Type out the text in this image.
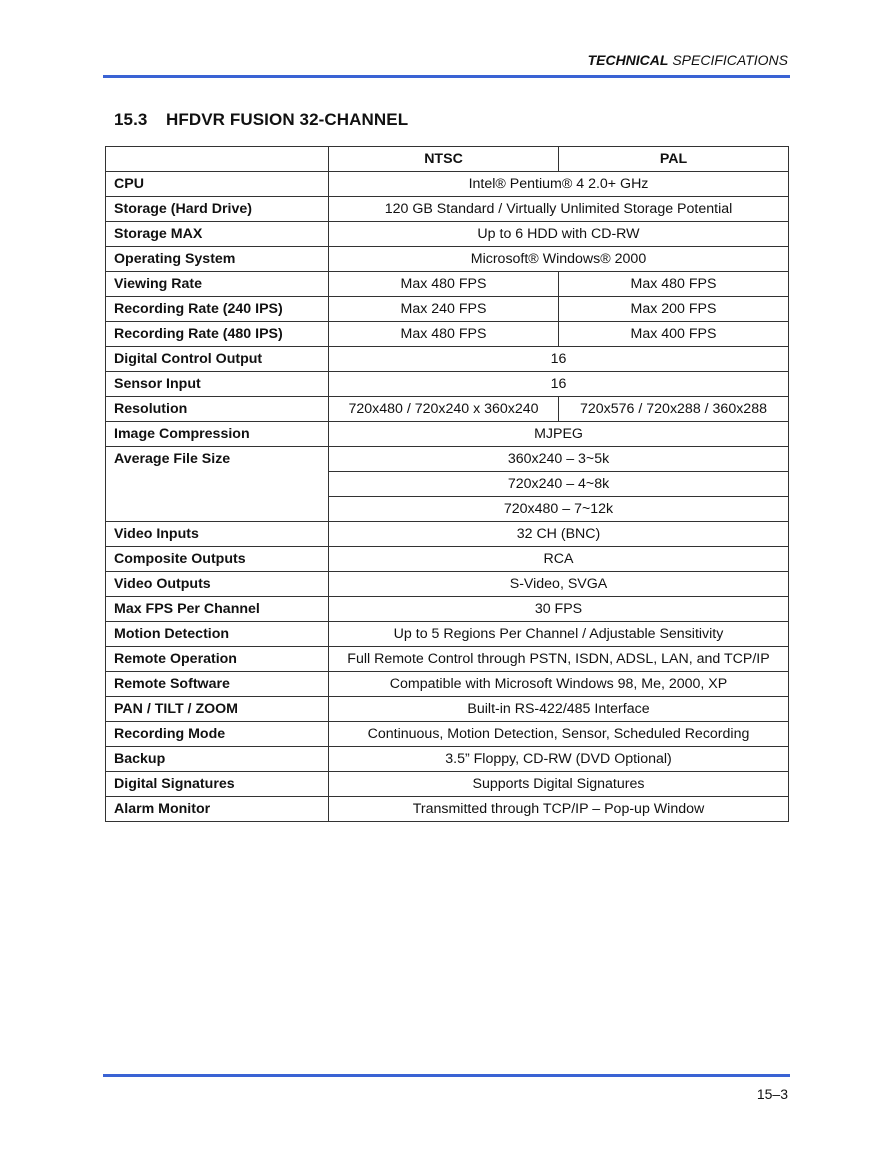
TECHNICAL SPECIFICATIONS
15.3 HFDVR FUSION 32-CHANNEL
	NTSC	PAL
CPU	Intel® Pentium® 4 2.0+ GHz	
Storage (Hard Drive)	120 GB Standard / Virtually Unlimited Storage Potential	
Storage MAX	Up to 6 HDD with CD-RW	
Operating System	Microsoft® Windows® 2000	
Viewing Rate	Max 480 FPS	Max 480 FPS
Recording Rate (240 IPS)	Max 240 FPS	Max 200 FPS
Recording Rate (480 IPS)	Max 480 FPS	Max 400 FPS
Digital Control Output	16	
Sensor Input	16	
Resolution	720x480 / 720x240 x 360x240	720x576 / 720x288 / 360x288
Image Compression	MJPEG	
Average File Size	360x240 – 3~5k	
	720x240 – 4~8k	
	720x480 – 7~12k	
Video Inputs	32 CH (BNC)	
Composite Outputs	RCA	
Video Outputs	S-Video, SVGA	
Max FPS Per Channel	30 FPS	
Motion Detection	Up to 5 Regions Per Channel / Adjustable Sensitivity	
Remote Operation	Full Remote Control through PSTN, ISDN, ADSL, LAN, and TCP/IP	
Remote Software	Compatible with Microsoft Windows 98, Me, 2000, XP	
PAN / TILT / ZOOM	Built-in RS-422/485 Interface	
Recording Mode	Continuous, Motion Detection, Sensor, Scheduled Recording	
Backup	3.5” Floppy, CD-RW (DVD Optional)	
Digital Signatures	Supports Digital Signatures	
Alarm Monitor	Transmitted through TCP/IP – Pop-up Window	
15–3
